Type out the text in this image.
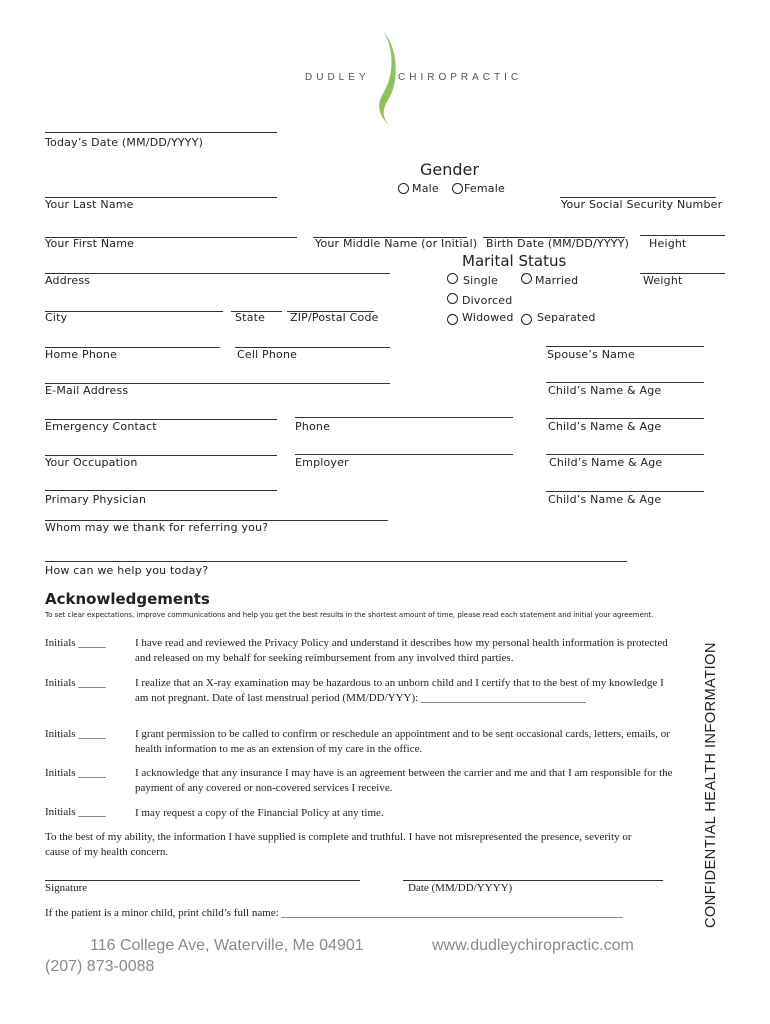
DUDLEY	CHIROPRACTIC
Today’s Date (MM/DD/YYYY)
Gender
Male Female
Your Last Name	Your Social Security Number
Your First Name	Your Middle Name (or Initial) Birth Date (MM/DD/YYYY) Height
Marital Status
Address	Single	Married	Weight
Divorced
City	State ZIP/Postal Code	Widowed Separated
Home Phone	Cell Phone	Spouse’s Name
E-Mail Address	Child’s Name & Age
Emergency Contact	Phone	Child’s Name & Age
Your Occupation	Employer	Child’s Name & Age
Primary Physician	Child’s Name & Age
Whom may we thank for referring you?
How can we help you today?
Acknowledgements
To set clear expectations, improve communications and help you get the best results in the shortest amount of time, please read each statement and initial your agreement.
Initials _____	I have read and reviewed the Privacy Policy and understand it describes how my personal health information is protected and released on my behalf for seeking reimbursement from any involved third parties.
Initials _____	I realize that an X-ray examination may be hazardous to an unborn child and I certify that to the best of my knowledge I am not pregnant. Date of last menstrual period (MM/DD/YYY): ______________________________
Initials _____	I grant permission to be called to confirm or reschedule an appointment and to be sent occasional cards, letters, emails, or health information to me as an extension of my care in the office.
Initials _____	I acknowledge that any insurance I may have is an agreement between the carrier and me and that I am responsible for the payment of any covered or non-covered services I receive.
Initials _____	I may request a copy of the Financial Policy at any time.
To the best of my ability, the information I have supplied is complete and truthful. I have not misrepresented the presence, severity or cause of my health concern.
Signature	Date (MM/DD/YYYY)
If the patient is a minor child, print child’s full name: ______________________________________________________________	CONFIDENTIAL HEALTH INFORMATION
116 College Ave, Waterville, Me 04901	www.dudleychiropractic.com
(207) 873-0088
